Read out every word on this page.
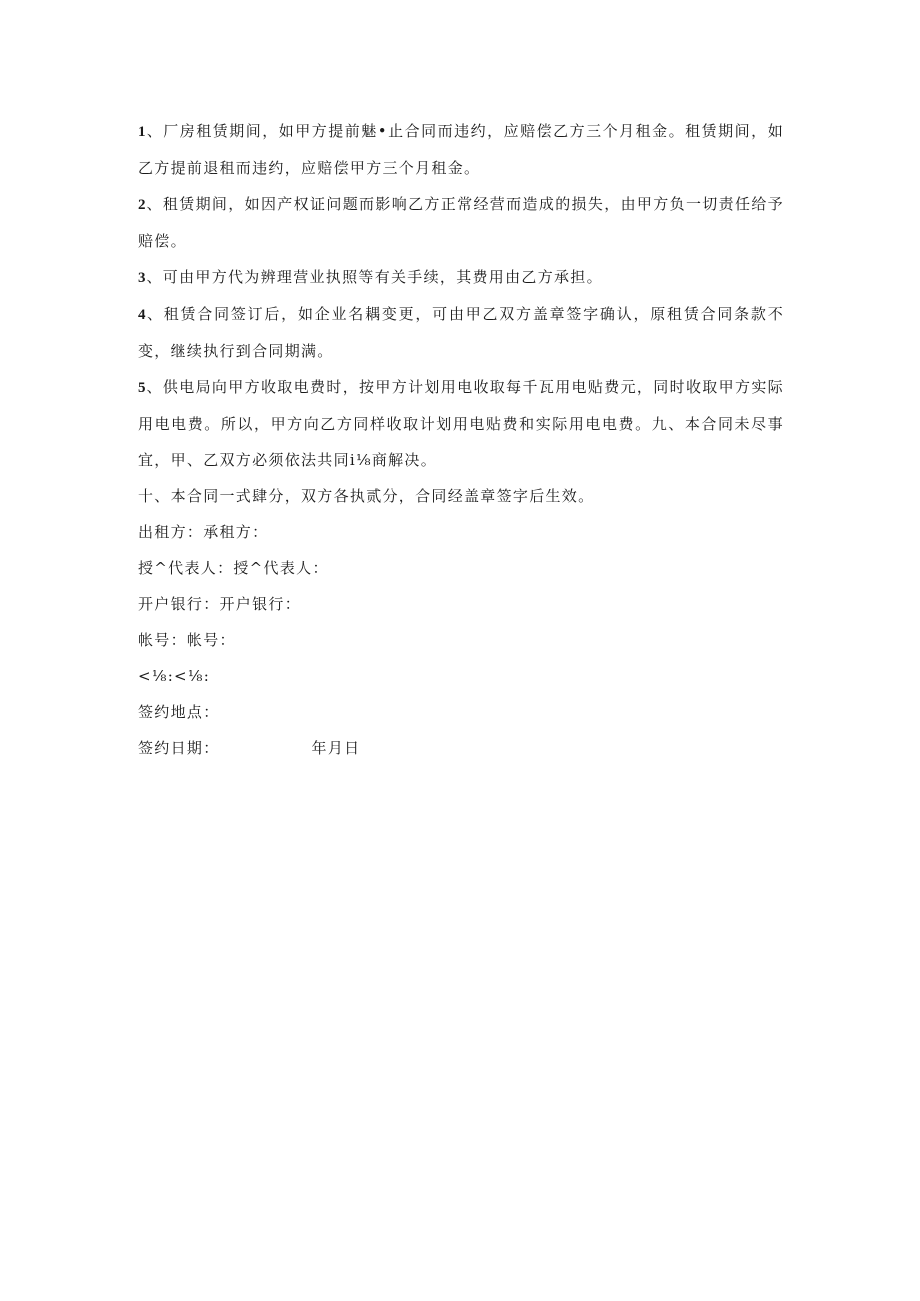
1、厂房租赁期间，如甲方提前魅•止合同而违约，应赔偿乙方三个月租金。租赁期间，如乙方提前退租而违约，应赔偿甲方三个月租金。

2、租赁期间，如因产权证问题而影响乙方正常经营而造成的损失，由甲方负一切责任给予赔偿。

3、可由甲方代为辨理营业执照等有关手续，其费用由乙方承担。

4、租赁合同签订后，如企业名耦变更，可由甲乙双方盖章签字确认，原租赁合同条款不变，继续执行到合同期满。

5、供电局向甲方收取电费时，按甲方计划用电收取每千瓦用电贴费元，同时收取甲方实际用电电费。所以，甲方向乙方同样收取计划用电贴费和实际用电电费。九、本合同未尽事宜，甲、乙双方必须依法共同i⅛商解决。

十、本合同一式肆分，双方各执贰分，合同经盖章签字后生效。

出租方：承租方：

授^代表人：授^代表人：

开户银行：开户银行：

帐号：帐号：

<⅛:<⅛:

签约地点：

签约日期：	年月日
